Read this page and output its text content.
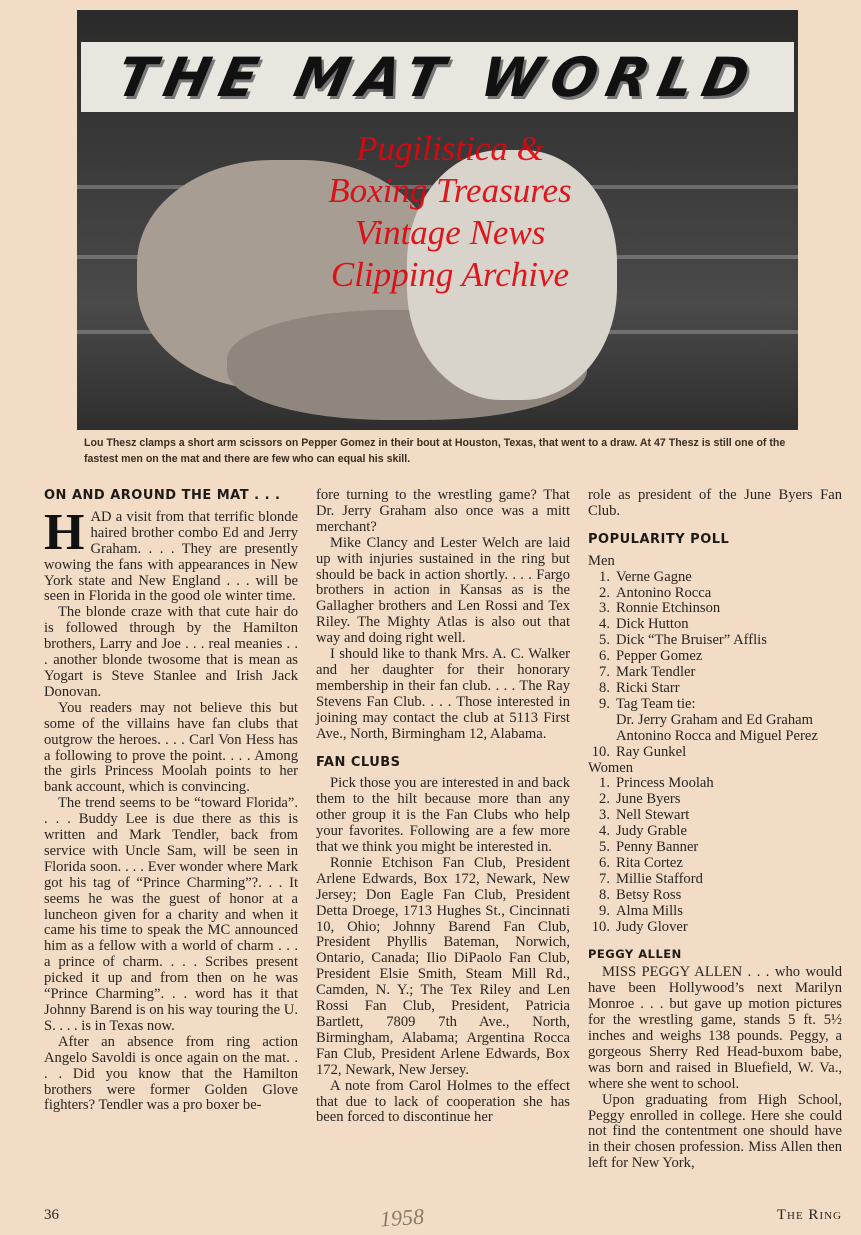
THE MAT WORLD
Lou Thesz clamps a short arm scissors on Pepper Gomez in their bout at Houston, Texas, that went to a draw. At 47 Thesz is still one of the fastest men on the mat and there are few who can equal his skill.
ON AND AROUND THE MAT . . .

HAD a visit from that terrific blonde haired brother combo Ed and Jerry Graham. . . . They are presently wowing the fans with appearances in New York state and New England . . . will be seen in Florida in the good ole winter time.

The blonde craze with that cute hair do is followed through by the Hamilton brothers, Larry and Joe . . . real meanies . . . another blonde twosome that is mean as Yogart is Steve Stanlee and Irish Jack Donovan.

You readers may not believe this but some of the villains have fan clubs that outgrow the heroes. . . . Carl Von Hess has a following to prove the point. . . . Among the girls Princess Moolah points to her bank account, which is convincing.

The trend seems to be “toward Florida”. . . . Buddy Lee is due there as this is written and Mark Tendler, back from service with Uncle Sam, will be seen in Florida soon. . . . Ever wonder where Mark got his tag of “Prince Charming”?. . . It seems he was the guest of honor at a luncheon given for a charity and when it came his time to speak the MC announced him as a fellow with a world of charm . . . a prince of charm. . . . Scribes present picked it up and from then on he was “Prince Charming”. . . word has it that Johnny Barend is on his way touring the U. S. . . . is in Texas now.

After an absence from ring action Angelo Savoldi is once again on the mat. . . . Did you know that the Hamilton brothers were former Golden Glove fighters? Tendler was a pro boxer be-

fore turning to the wrestling game? That Dr. Jerry Graham also once was a mitt merchant?

Mike Clancy and Lester Welch are laid up with injuries sustained in the ring but should be back in action shortly. . . . Fargo brothers in action in Kansas as is the Gallagher brothers and Len Rossi and Tex Riley. The Mighty Atlas is also out that way and doing right well.

I should like to thank Mrs. A. C. Walker and her daughter for their honorary membership in their fan club. . . . The Ray Stevens Fan Club. . . . Those interested in joining may contact the club at 5113 First Ave., North, Birmingham 12, Alabama.

FAN CLUBS

Pick those you are interested in and back them to the hilt because more than any other group it is the Fan Clubs who help your favorites. Following are a few more that we think you might be interested in.

Ronnie Etchison Fan Club, President Arlene Edwards, Box 172, Newark, New Jersey; Don Eagle Fan Club, President Detta Droege, 1713 Hughes St., Cincinnati 10, Ohio; Johnny Barend Fan Club, President Phyllis Bateman, Norwich, Ontario, Canada; Ilio DiPaolo Fan Club, President Elsie Smith, Steam Mill Rd., Camden, N. Y.; The Tex Riley and Len Rossi Fan Club, President, Patricia Bartlett, 7809 7th Ave., North, Birmingham, Alabama; Argentina Rocca Fan Club, President Arlene Edwards, Box 172, Newark, New Jersey.

A note from Carol Holmes to the effect that due to lack of cooperation she has been forced to discontinue her

role as president of the June Byers Fan Club.

POPULARITY POLL
Men
1. Verne Gagne
2. Antonino Rocca
3. Ronnie Etchinson
4. Dick Hutton
5. Dick “The Bruiser” Afflis
6. Pepper Gomez
7. Mark Tendler
8. Ricki Starr
9. Tag Team tie:
Dr. Jerry Graham and Ed Graham
Antonino Rocca and Miguel Perez
10. Ray Gunkel
Women
1. Princess Moolah
2. June Byers
3. Nell Stewart
4. Judy Grable
5. Penny Banner
6. Rita Cortez
7. Millie Stafford
8. Betsy Ross
9. Alma Mills
10. Judy Glover
PEGGY ALLEN

MISS PEGGY ALLEN . . . who would have been Hollywood’s next Marilyn Monroe . . . but gave up motion pictures for the wrestling game, stands 5 ft. 5½ inches and weighs 138 pounds. Peggy, a gorgeous Sherry Red Head-buxom babe, was born and raised in Bluefield, W. Va., where she went to school.

Upon graduating from High School, Peggy enrolled in college. Here she could not find the contentment one should have in their chosen profession. Miss Allen then left for New York,

Pugilistica &
Boxing Treasures
Vintage News
Clipping Archive
36	1958	The Ring
